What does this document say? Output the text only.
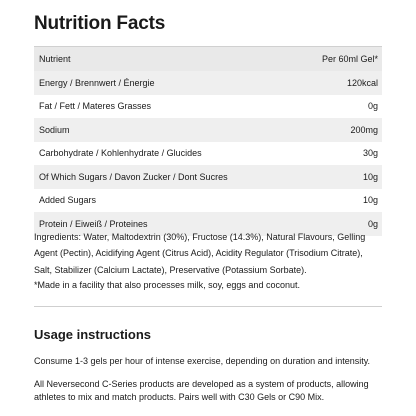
Nutrition Facts
Nutrient	Per 60ml Gel*
Energy / Brennwert / Énergie	120kcal
Fat / Fett / Materes Grasses	0g
Sodium	200mg
Carbohydrate / Kohlenhydrate / Glucides	30g
Of Which Sugars / Davon Zucker / Dont Sucres	10g
Added Sugars	10g
Protein / Eiweiß / Proteines	0g

Ingredients: Water, Maltodextrin (30%), Fructose (14.3%), Natural Flavours, Gelling Agent (Pectin), Acidifying Agent (Citrus Acid), Acidity Regulator (Trisodium Citrate), Salt, Stabilizer (Calcium Lactate), Preservative (Potassium Sorbate).

*Made in a facility that also processes milk, soy, eggs and coconut.

Usage instructions

Consume 1-3 gels per hour of intense exercise, depending on duration and intensity.

All Neversecond C-Series products are developed as a system of products, allowing athletes to mix and match products. Pairs well with C30 Gels or C90 Mix.
